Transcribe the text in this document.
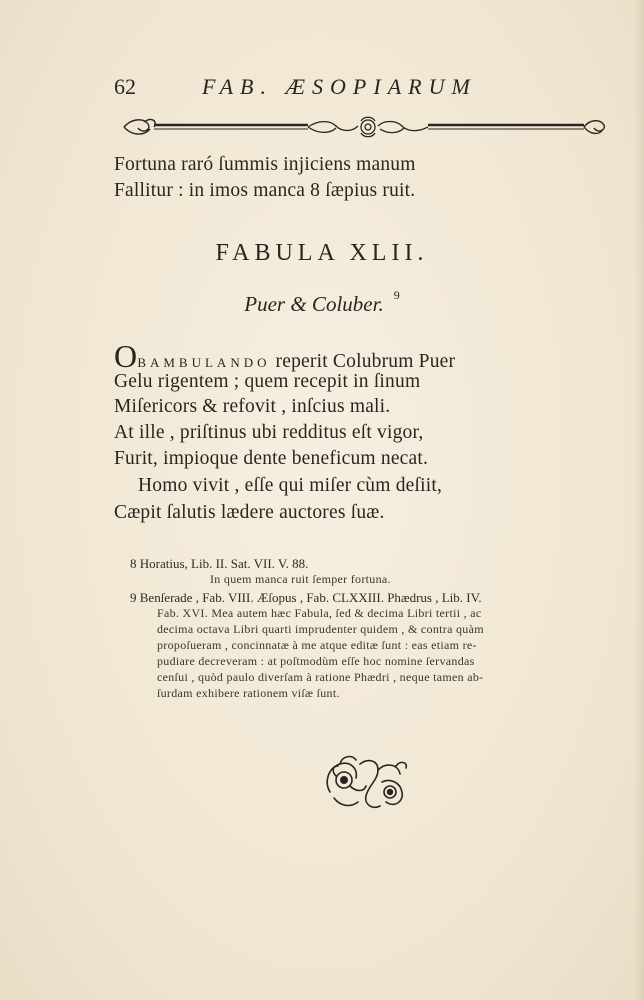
62	FAB. ÆSOPIARUM
Fortuna raró ſummis injiciens manum
Fallitur : in imos manca 8 ſæpius ruit.
FABULA XLII.
Puer & Coluber. $^9$
OBAMBULANDO reperit Colubrum Puer
Gelu rigentem ; quem recepit in ſinum
Miſericors & refovit , inſcius mali.
At ille , priſtinus ubi redditus eſt vigor,
Furit, impioque dente beneficum necat.
Homo vivit , eſſe qui miſer cùm deſiit,
Cæpit ſalutis lædere auctores ſuæ.
8 Horatius, Lib. II. Sat. VII. V. 88.
In quem manca ruit ſemper fortuna.
9 Benſerade , Fab. VIII. Æſopus , Fab. CLXXIII. Phædrus , Lib. IV.
Fab. XVI. Mea autem hæc Fabula, ſed & decima Libri tertii , ac
decima octava Libri quarti imprudenter quidem , & contra quàm
propoſueram , concinnatæ à me atque editæ ſunt : eas etiam re-
pudiare decreveram : at poſtmodùm eſſe hoc nomine ſervandas
cenſui , quòd paulo diverſam à ratione Phædri , neque tamen ab-
ſurdam exhibere rationem viſæ ſunt.
